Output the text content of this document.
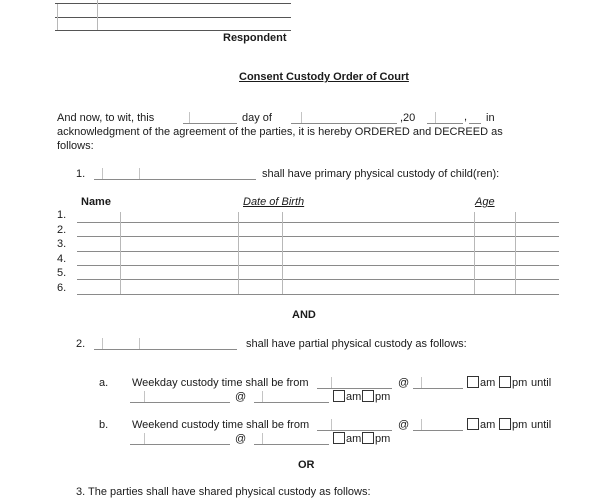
Respondent
Consent Custody Order of Court
And now, to wit, this	day of	,20	, in
acknowledgment of the agreement of the parties, it is hereby ORDERED and DECREED as
follows:
1.	shall have primary physical custody of child(ren):
Name	Date of Birth	Age
1.
2.
3.
4.
5.
6.
AND
2.	shall have partial physical custody as follows:
a. Weekday custody time shall be from	@	am pm until
@	am pm
b. Weekend custody time shall be from	@	am pm until
@	am pm
OR
3. The parties shall have shared physical custody as follows:
